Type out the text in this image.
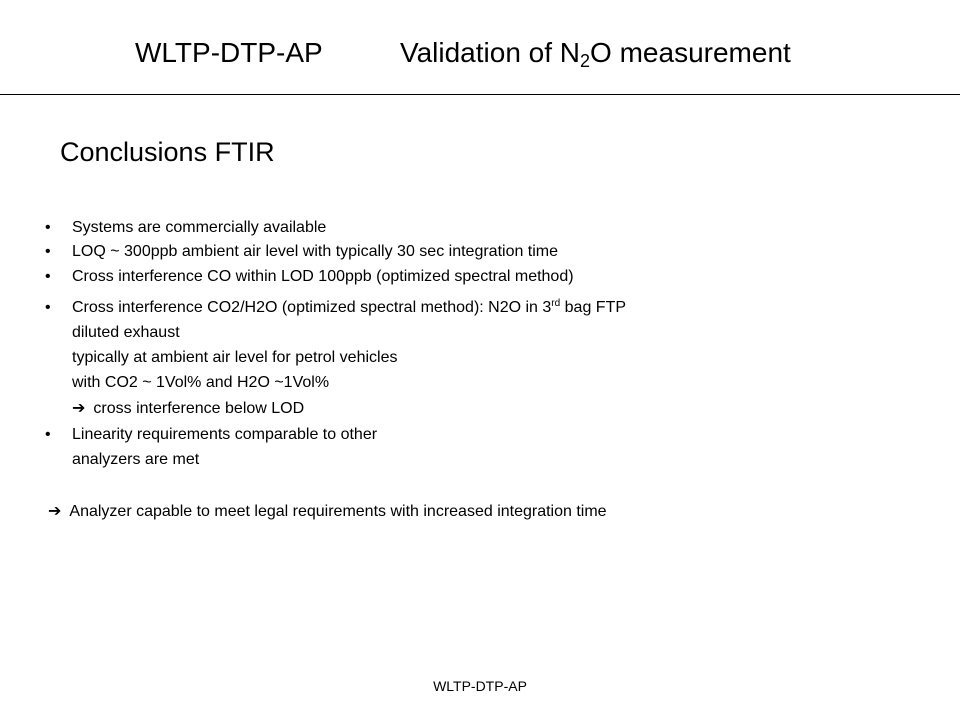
WLTP-DTP-AP	Validation of $N_2O$ measurement
Conclusions FTIR
• Systems are commercially available
• LOQ ~ 300ppb ambient air level with typically 30 sec integration time
• Cross interference CO within LOD 100ppb (optimized spectral method)
• Cross interference CO2/H2O (optimized spectral method): N2O in 3rd bag FTP
diluted exhaust
typically at ambient air level for petrol vehicles
with CO2 ~ 1Vol% and H2O ~1Vol%
➔ cross interference below LOD
• Linearity requirements comparable to other
analyzers are met
➔ Analyzer capable to meet legal requirements with increased integration time
WLTP-DTP-AP
